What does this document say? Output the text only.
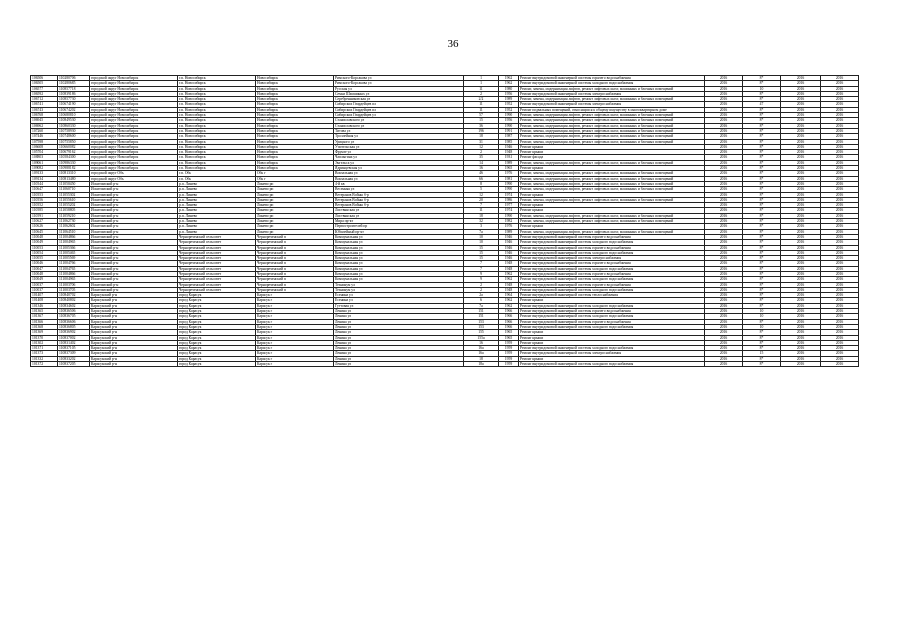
36
106506	110280706	городской округ Новосибирск	г.п. Новосибирск	Новосибирск	Римского-Корсакова ул	1	1962	Ремонт внутридомовой инженерной системы горячего водоснабжения	2016	8*	2016	2016
106505	110280685	городской округ Новосибирск	г.п. Новосибирск	Новосибирск	Римского-Корсакова ул	1	1962	Ремонт внутридомовой инженерной системы холодного водоснабжения	2016	8*	2016	2016
106577	110857718	городской округ Новосибирск	г.п. Новосибирск	Новосибирск	Русская ул	11	1980	Ремонт, замена, модернизация лифтов, ремонт лифтовых шахт, машинных и блочных помещений	2016	10	2016	2016
106592	110839186	городской округ Новосибирск	г.п. Новосибирск	Новосибирск	Семьи Шамшиных ул	2	1956	Ремонт внутридомовой инженерной системы электроснабжения	2016	8*	2016	2016
106712	110857730	городской округ Новосибирск	г.п. Новосибирск	Новосибирск	Серебренниковская ул	2/2	1989	Ремонт, замена, модернизация лифтов, ремонт лифтовых шахт, машинных и блочных помещений	2016	8*	2016	2016
106741	110674190	городской округ Новосибирск	г.п. Новосибирск	Новосибирск	Сибирских Гвардейцев пл	11	1952	Ремонт внутридомовой инженерной системы электроснабжения	2016	47	2016	2016
106743	110674202	городской округ Новосибирск	г.п. Новосибирск	Новосибирск	Сибирских Гвардейцев пл	11	1952	Ремонт подвальных помещений, относящихся к общему имуществу в многоквартирном доме	2016	8*	2016	2016
106768	110680810	городской округ Новосибирск	г.п. Новосибирск	Новосибирск	Сибирских Гвардейцев ул	57	1990	Ремонт, замена, модернизация лифтов, ремонт лифтовых шахт, машинных и блочных помещений	2016	8*	2016	2016
106945	110849530	городской округ Новосибирск	г.п. Новосибирск	Новосибирск	Станиславского ул	15	1956	Ремонт, замена, модернизация лифтов, ремонт лифтовых шахт, машинных и блочных помещений	2016	8*	2016	2016
106962	110860330	городской округ Новосибирск	г.п. Новосибирск	Новосибирск	Станиславского ул	36	1990	Ремонт, замена, модернизация лифтов, ремонт лифтовых шахт, машинных и блочных помещений	2016	8*	2016	2016
107260	110758930	городской округ Новосибирск	г.п. Новосибирск	Новосибирск	Титова ул	196	1991	Ремонт, замена, модернизация лифтов, ремонт лифтовых шахт, машинных и блочных помещений	2016	8*	2016	2016
107446	110748600	городской округ Новосибирск	г.п. Новосибирск	Новосибирск	Троллейная ул	18	1987	Ремонт, замена, модернизация лифтов, ремонт лифтовых шахт, машинных и блочных помещений	2016	8*	2016	2016
107598	110755850	городской округ Новосибирск	г.п. Новосибирск	Новосибирск	Урицкого ул	31	1985	Ремонт, замена, модернизация лифтов, ремонт лифтовых шахт, машинных и блочных помещений	2016	8*	2016	2016
106608	110660082	городской округ Новосибирск	г.п. Новосибирск	Новосибирск	Учительская ул	12	1946	Ремонт крыши	2016	8*	2016	2016
105704	110679162	городской округ Новосибирск	г.п. Новосибирск	Новосибирск	Фрунзе ул	2	1948	Ремонт крыши	2016	8*	2016	2016
108803	110584300	городской округ Новосибирск	г.п. Новосибирск	Новосибирск	Чаплыгина ул	35	1931	Ремонт фасада	2016	8*	2016	2016
109061	110986330	городской округ Новосибирск	г.п. Новосибирск	Новосибирск	Энгельса ул	14	1989	Ремонт, замена, модернизация лифтов, ремонт лифтовых шахт, машинных и блочных помещений	2016	8*	2016	2016
109082	110988182	городской округ Новосибирск	г.п. Новосибирск	Новосибирск	Ядринцевская ул	16	1965	Ремонт крыши	2016	8*	2016	2016
109133	110813310	городской округ Обь	г.п. Обь	Обь г	Вокзальная ул	46	1976	Ремонт, замена, модернизация лифтов, ремонт лифтовых шахт, машинных и блочных помещений	2016	8*	2016	2016
109134	110813480	городской округ Обь	г.п. Обь	Обь г	Вокзальная ул	66	1981	Ремонт, замена, модернизация лифтов, ремонт лифтовых шахт, машинных и блочных помещений	2016	8*	2016	2016
110544	111050450	Искитимский р-н	р.п. Линево	Линево рп	4-й кв	8	1990	Ремонт, замена, модернизация лифтов, ремонт лифтовых шахт, машинных и блочных помещений	2016	8*	2016	2016
110647	111060710	Искитимский р-н	р.п. Линево	Линево рп	Весенняя ул	5	1990	Ремонт, замена, модернизация лифтов, ремонт лифтовых шахт, машинных и блочных помещений	2016	8*	2016	2016
110553	111055302	Искитимский р-н	р.п. Линево	Линево рп	Ветеранов Войны б-р	12	1974	Ремонт крыши	2016	8*	2016	2016
110556	111055610	Искитимский р-н	р.п. Линево	Линево рп	Ветеранов Войны б-р	20	1986	Ремонт, замена, модернизация лифтов, ремонт лифтовых шахт, машинных и блочных помещений	2016	8*	2016	2016
110552	111055202	Искитимский р-н	р.п. Линево	Линево рп	Ветеранов Войны б-р	7	1977	Ремонт крыши	2016	8*	2016	2016
110585	111058805	Искитимский р-н	р.п. Линево	Линево рп	Листвянская ул	11	1974	Ремонт крыши	2016	8*	2016	2016
110591	111059210	Искитимский р-н	р.п. Линево	Линево рп	Листвянская ул	18	1990	Ремонт, замена, модернизация лифтов, ремонт лифтовых шахт, машинных и блочных помещений	2016	8*	2016	2016
110627	111062730	Искитимский р-н	р.п. Линево	Линево рп	Мира пр-кт	32	1982	Ремонт, замена, модернизация лифтов, ремонт лифтовых шахт, машинных и блочных помещений	2016	8*	2016	2016
110626	111062602	Искитимский р-н	р.п. Линево	Линево рп	Первостроителей пр	3	1976	Ремонт крыши	2016	8*	2016	2016
110645	111064510	Искитимский р-н	р.п. Линево	Линево рп	Юбилейный пр-кт	7а	1989	Ремонт, замена, модернизация лифтов, ремонт лифтовых шахт, машинных и блочных помещений	2016	8*	2016	2016
110048	111004866	Искитимский р-н	Чернореченский сельсовет	Чернореченский п	Коммунальная ул	10	1946	Ремонт внутридомовой инженерной системы горячего водоснабжения	2016	8*	2016	2016
110049	111004965	Искитимский р-н	Чернореченский сельсовет	Чернореченский п	Коммунальная ул	10	1946	Ремонт внутридомовой инженерной системы холодного водоснабжения	2016	8*	2016	2016
110053	111005366	Искитимский р-н	Чернореченский сельсовет	Чернореченский п	Коммунальная ул	15	1946	Ремонт внутридомовой инженерной системы горячего водоснабжения	2016	8*	2016	2016
110054	111005465	Искитимский р-н	Чернореченский сельсовет	Чернореченский п	Коммунальная ул	15	1946	Ремонт внутридомовой инженерной системы холодного водоснабжения	2016	8*	2016	2016
110055	111005569	Искитимский р-н	Чернореченский сельсовет	Чернореченский п	Коммунальная ул	15	1946	Ремонт внутридомовой инженерной системы электроснабжения	2016	8*	2016	2016
110046	111004766	Искитимский р-н	Чернореченский сельсовет	Чернореченский п	Коммунальная ул	7	1948	Ремонт внутридомовой инженерной системы горячего водоснабжения	2016	8*	2016	2016
110047	111004765	Искитимский р-н	Чернореченский сельсовет	Чернореченский п	Коммунальная ул	7	1948	Ремонт внутридомовой инженерной системы холодного водоснабжения	2016	8*	2016	2016
110048	111004866	Искитимский р-н	Чернореченский сельсовет	Чернореченский п	Коммунальная ул	9	1962	Ремонт внутридомовой инженерной системы горячего водоснабжения	2016	8*	2016	2016
110049	111004965	Искитимский р-н	Чернореченский сельсовет	Чернореченский п	Коммунальная ул	9	1962	Ремонт внутридомовой инженерной системы холодного водоснабжения	2016	8*	2016	2016
110037	111003706	Искитимский р-н	Чернореченский сельсовет	Чернореченский п	Техникум ул	2	1948	Ремонт внутридомовой инженерной системы горячего водоснабжения	2016	8*	2016	2016
110037	111003705	Искитимский р-н	Чернореченский сельсовет	Чернореченский п	Техникум ул	2	1948	Ремонт внутридомовой инженерной системы холодного водоснабжения	2016	8*	2016	2016
101407	110840702	Карасукский р-н	город Карасук	Карасук г	Есенина ул	2а	1964	Ремонт внутридомовой инженерной системы теплоснабжения	2016	8*	2016	2016
101408	110840802	Карасукский р-н	город Карасук	Карасук г	Есенина ул	6	1962	Ремонт крыши	2016	8*	2016	2016
101346	110834602	Карасукский р-н	город Карасук	Карасук г	Гуттовая ул	7а	1962	Ремонт внутридомовой инженерной системы холодного водоснабжения	2016	8*	2016	2016
101365	110836506	Карасукский р-н	город Карасук	Карасук г	Ленина ул	151	1966	Ремонт внутридомовой инженерной системы горячего водоснабжения	2016	10	2016	2016
101367	110836705	Карасукский р-н	город Карасук	Карасук г	Ленина ул	151	1966	Ремонт внутридомовой инженерной системы холодного водоснабжения	2016	10	2016	2016
101366	110836606	Карасукский р-н	город Карасук	Карасук г	Ленина ул	153	1966	Ремонт внутридомовой инженерной системы горячего водоснабжения	2016	8*	2016	2016
101368	110836805	Карасукский р-н	город Карасук	Карасук г	Ленина ул	153	1966	Ремонт внутридомовой инженерной системы холодного водоснабжения	2016	10	2016	2016
101369	110836902	Карасукский р-н	город Карасук	Карасук г	Ленина ул	155	1965	Ремонт крыши	2016	8*	2016	2016
101370	110837002	Карасукский р-н	город Карасук	Карасук г	Ленина ул	155а	1965	Ремонт крыши	2016	8*	2016	2016
101302	110831402	Карасукский р-н	город Карасук	Карасук г	Ленина ул	16	1959	Ремонт крыши	2016	8*	2016	2016
101371	110837105	Карасукский р-н	город Карасук	Карасук г	Ленина ул	16а	1959	Ремонт внутридомовой инженерной системы холодного водоснабжения	2016	8*	2016	2016
101373	110837309	Карасукский р-н	город Карасук	Карасук г	Ленина ул	16а	1959	Ремонт внутридомовой инженерной системы электроснабжения	2016	15	2016	2016
101332	110833202	Карасукский р-н	город Карасук	Карасук г	Ленина ул	18	1959	Ремонт крыши	2016	8*	2016	2016
101372	110837205	Карасукский р-н	город Карасук	Карасук г	Ленина ул	18а	1959	Ремонт внутридомовой инженерной системы холодного водоснабжения	2016	8*	2016	2016
